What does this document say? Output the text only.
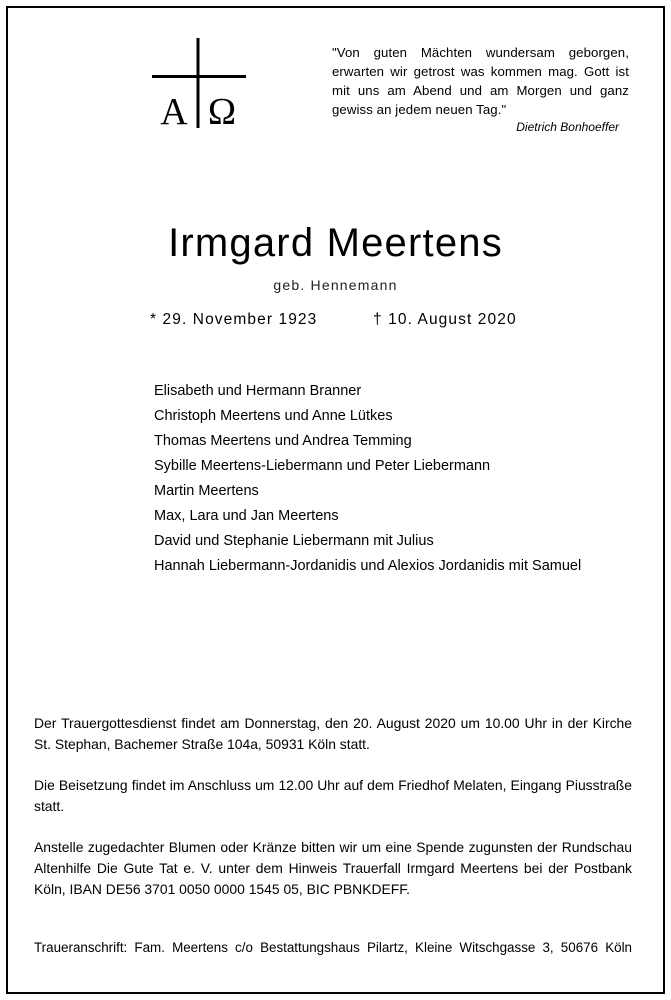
Α Ω
"Von guten Mächten wundersam geborgen, erwarten wir getrost was kommen mag. Gott ist mit uns am Abend und am Morgen und ganz gewiss an jedem neuen Tag."
Dietrich Bonhoeffer
Irmgard Meertens
geb. Hennemann
* 29. November 1923	† 10. August 2020
Elisabeth und Hermann Branner
Christoph Meertens und Anne Lütkes
Thomas Meertens und Andrea Temming
Sybille Meertens-Liebermann und Peter Liebermann
Martin Meertens
Max, Lara und Jan Meertens
David und Stephanie Liebermann mit Julius
Hannah Liebermann-Jordanidis und Alexios Jordanidis mit Samuel

Der Trauergottesdienst findet am Donnerstag, den 20. August 2020 um 10.00 Uhr in der Kirche St. Stephan, Bachemer Straße 104a, 50931 Köln statt.

Die Beisetzung findet im Anschluss um 12.00 Uhr auf dem Friedhof Melaten, Eingang Piusstraße statt.

Anstelle zugedachter Blumen oder Kränze bitten wir um eine Spende zugunsten der Rundschau Altenhilfe Die Gute Tat e. V. unter dem Hinweis Trauerfall Irmgard Meertens bei der Postbank Köln, IBAN DE56 3701 0050 0000 1545 05, BIC PBNKDEFF.

Traueranschrift: Fam. Meertens c/o Bestattungshaus Pilartz, Kleine Witschgasse 3, 50676 Köln
